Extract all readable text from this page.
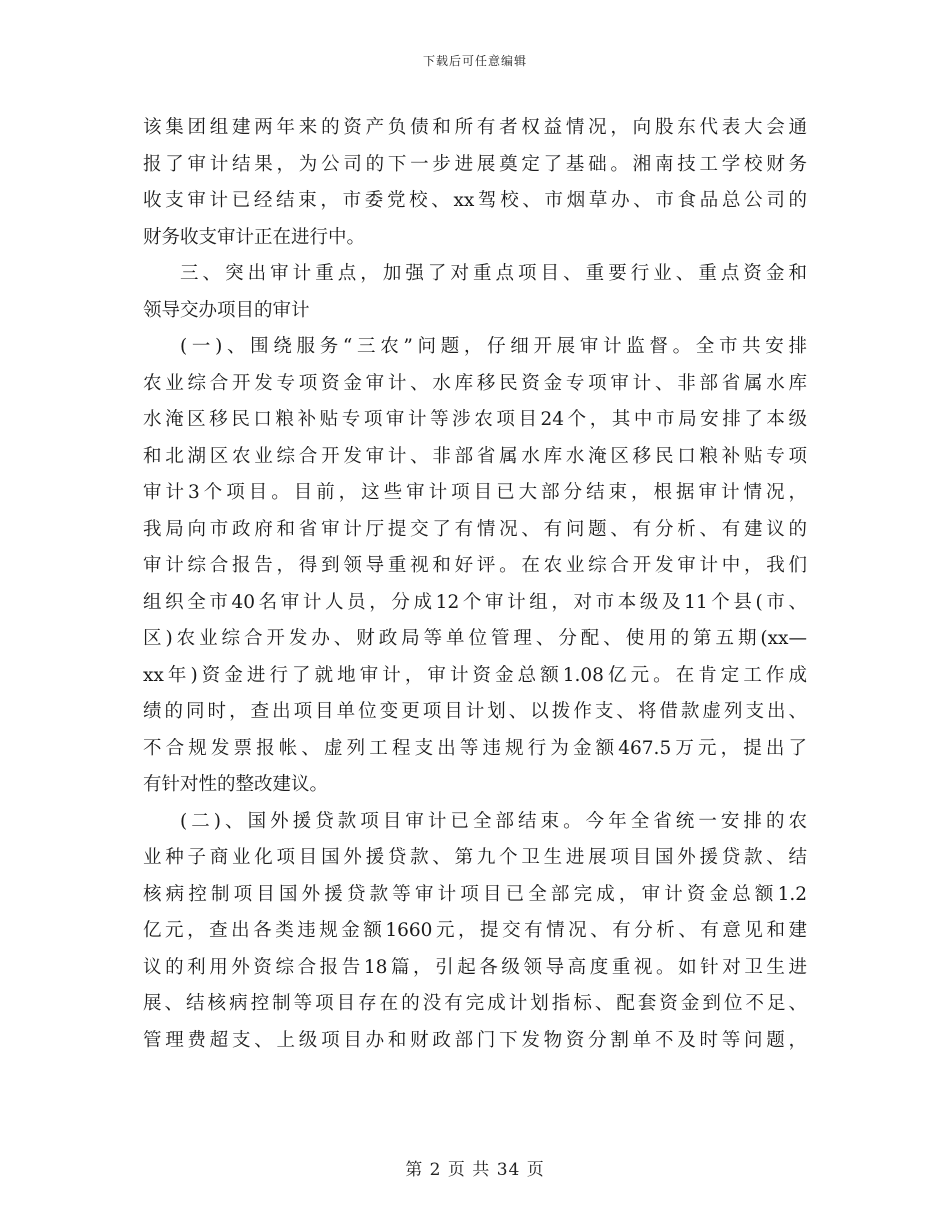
下载后可任意编辑
该集团组建两年来的资产负债和所有者权益情况，向股东代表大会通
报了审计结果，为公司的下一步进展奠定了基础。湘南技工学校财务
收支审计已经结束，市委党校、xx驾校、市烟草办、市食品总公司的
财务收支审计正在进行中。
三、突出审计重点，加强了对重点项目、重要行业、重点资金和
领导交办项目的审计
(一)、围绕服务“三农”问题，仔细开展审计监督。全市共安排
农业综合开发专项资金审计、水库移民资金专项审计、非部省属水库
水淹区移民口粮补贴专项审计等涉农项目24个，其中市局安排了本级
和北湖区农业综合开发审计、非部省属水库水淹区移民口粮补贴专项
审计3个项目。目前，这些审计项目已大部分结束，根据审计情况，
我局向市政府和省审计厅提交了有情况、有问题、有分析、有建议的
审计综合报告，得到领导重视和好评。在农业综合开发审计中，我们
组织全市40名审计人员，分成12个审计组，对市本级及11个县(市、
区)农业综合开发办、财政局等单位管理、分配、使用的第五期(xx—
xx年)资金进行了就地审计，审计资金总额1.08亿元。在肯定工作成
绩的同时，查出项目单位变更项目计划、以拨作支、将借款虚列支出、
不合规发票报帐、虚列工程支出等违规行为金额467.5万元，提出了
有针对性的整改建议。
(二)、国外援贷款项目审计已全部结束。今年全省统一安排的农
业种子商业化项目国外援贷款、第九个卫生进展项目国外援贷款、结
核病控制项目国外援贷款等审计项目已全部完成，审计资金总额1.2
亿元，查出各类违规金额1660元，提交有情况、有分析、有意见和建
议的利用外资综合报告18篇，引起各级领导高度重视。如针对卫生进
展、结核病控制等项目存在的没有完成计划指标、配套资金到位不足、
管理费超支、上级项目办和财政部门下发物资分割单不及时等问题，
第 2 页 共 34 页
